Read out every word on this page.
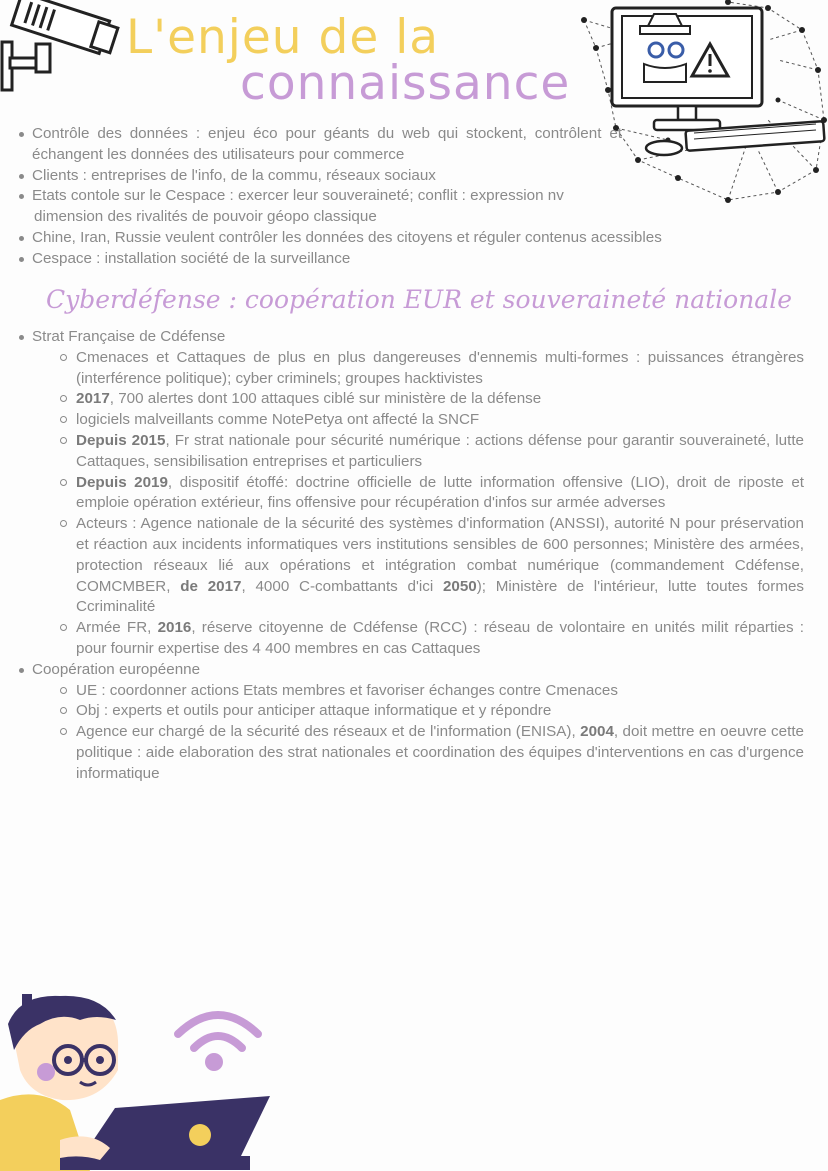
L'enjeu de la
connaissance
Contrôle des données : enjeu éco pour géants du web qui stockent, contrôlent et échangent les données des utilisateurs pour commerce
Clients : entreprises de l'info, de la commu, réseaux sociaux
Etats contole sur le Cespace : exercer leur souveraineté; conflit : expression nv

dimension des rivalités de pouvoir géopo classique
Chine, Iran, Russie veulent contrôler les données des citoyens et réguler contenus acessibles
Cespace : installation société de la surveillance
Cyberdéfense : coopération EUR et souveraineté nationale
Strat Française de Cdéfense
Cmenaces et Cattaques de plus en plus dangereuses d'ennemis multi-formes : puissances étrangères (interférence politique); cyber criminels; groupes hacktivistes
2017, 700 alertes dont 100 attaques ciblé sur ministère de la défense
logiciels malveillants comme NotePetya ont affecté la SNCF
Depuis 2015, Fr strat nationale pour sécurité numérique : actions défense pour garantir souveraineté, lutte Cattaques, sensibilisation entreprises et particuliers
Depuis 2019, dispositif étoffé: doctrine officielle de lutte information offensive (LIO), droit de riposte et emploie opération extérieur, fins offensive pour récupération d'infos sur armée adverses
Acteurs : Agence nationale de la sécurité des systèmes d'information (ANSSI), autorité N pour préservation et réaction aux incidents informatiques vers institutions sensibles de 600 personnes; Ministère des armées, protection réseaux lié aux opérations et intégration combat numérique (commandement Cdéfense, COMCMBER, de 2017, 4000 C-combattants d'ici 2050); Ministère de l'intérieur, lutte toutes formes Ccriminalité
Armée FR, 2016, réserve citoyenne de Cdéfense (RCC) : réseau de volontaire en unités milit réparties : pour fournir expertise des 4 400 membres en cas Cattaques
Coopération européenne
UE : coordonner actions Etats membres et favoriser échanges contre Cmenaces
Obj : experts et outils pour anticiper attaque informatique et y répondre
Agence eur chargé de la sécurité des réseaux et de l'information (ENISA), 2004, doit mettre en oeuvre cette politique : aide elaboration des strat nationales et coordination des équipes d'interventions en cas d'urgence informatique
